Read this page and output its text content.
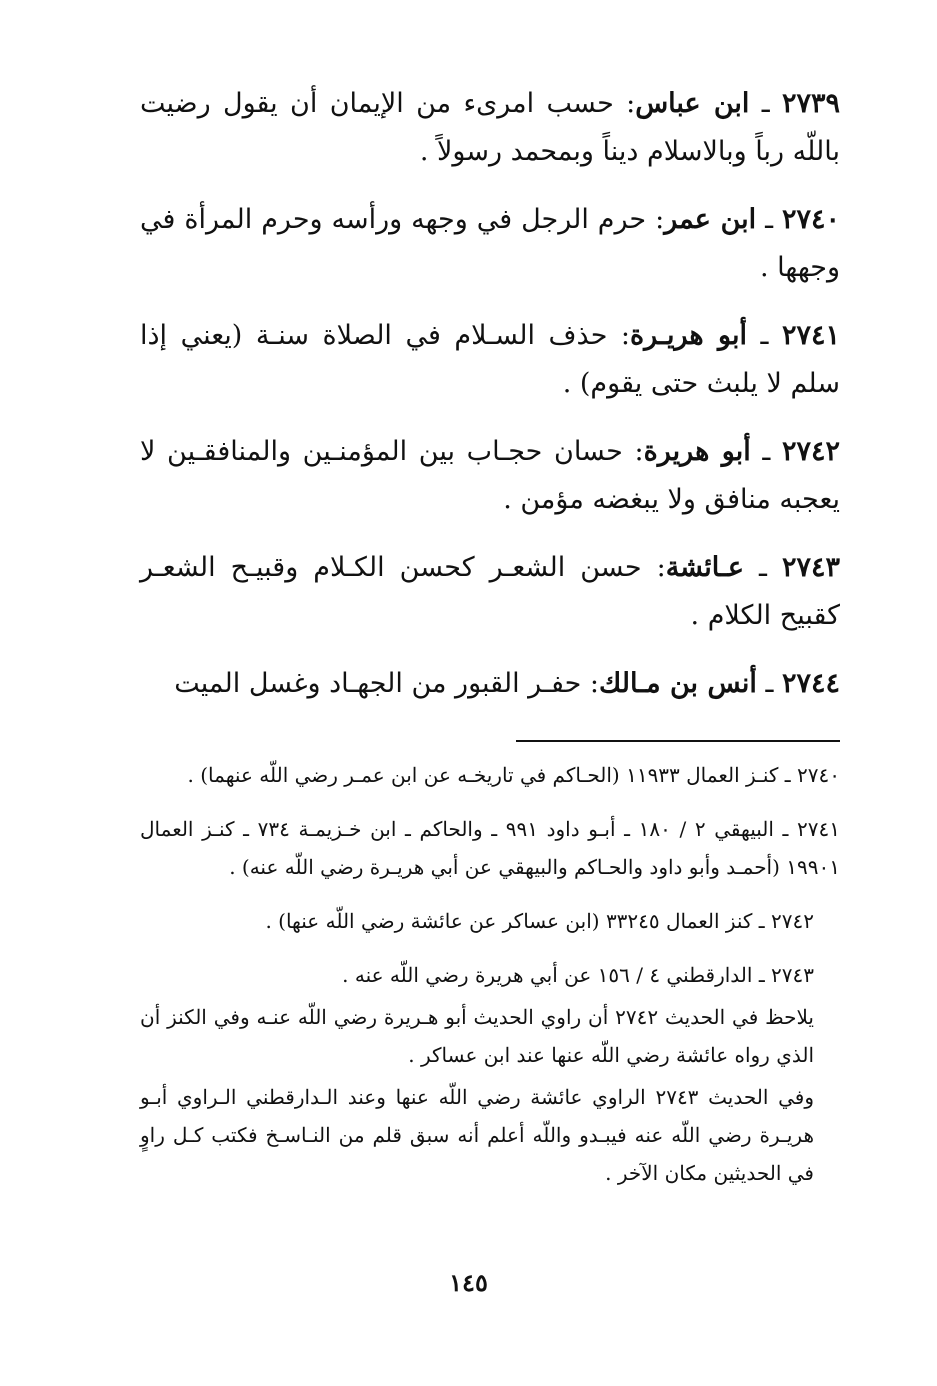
٢٧٣٩ ـ ابن عباس: حسب امرىء من الإيمان أن يقول رضيت باللّه رباً وبالاسلام ديناً وبمحمد رسولاً .

٢٧٤٠ ـ ابن عمر: حرم الرجل في وجهه ورأسه وحرم المرأة في وجهها .

٢٧٤١ ـ أبو هريـرة: حذف السـلام في الصلاة سنـة (يعني إذا سلم لا يلبث حتى يقوم) .

٢٧٤٢ ـ أبو هريرة: حسان حجـاب بين المؤمنـين والمنافقـين لا يعجبه منافق ولا يبغضه مؤمن .

٢٧٤٣ ـ عـائشة: حسن الشعـر كحسن الكـلام وقبيـح الشعـر كقبيح الكلام .

٢٧٤٤ ـ أنس بن مـالك: حفـر القبور من الجهـاد وغسل الميت

٢٧٤٠ ـ كنـز العمال ١١٩٣٣ (الحـاكم في تاريخـه عن ابن عمـر رضي اللّه عنهما) .

٢٧٤١ ـ البيهقي ٢ / ١٨٠ ـ أبـو داود ٩٩١ ـ والحاكم ـ ابن خـزيمـة ٧٣٤ ـ كنـز العمال ١٩٩٠١ (أحمـد وأبو داود والحـاكم والبيهقي عن أبي هريـرة رضي اللّه عنه) .

٢٧٤٢ ـ كنز العمال ٣٣٢٤٥ (ابن عساكر عن عائشة رضي اللّه عنها) .

٢٧٤٣ ـ الدارقطني ٤ / ١٥٦ عن أبي هريرة رضي اللّه عنه .

يلاحظ في الحديث ٢٧٤٢ أن راوي الحديث أبو هـريرة رضي اللّه عنـه وفي الكنز أن الذي رواه عائشة رضي اللّه عنها عند ابن عساكر .

وفي الحديث ٢٧٤٣ الراوي عائشة رضي اللّه عنها وعند الـدارقطني الـراوي أبـو هريـرة رضي اللّه عنه فيبـدو واللّه أعلم أنه سبق قلم من النـاسـخ فكتب كـل راوٍ في الحديثين مكان الآخر .

١٤٥
